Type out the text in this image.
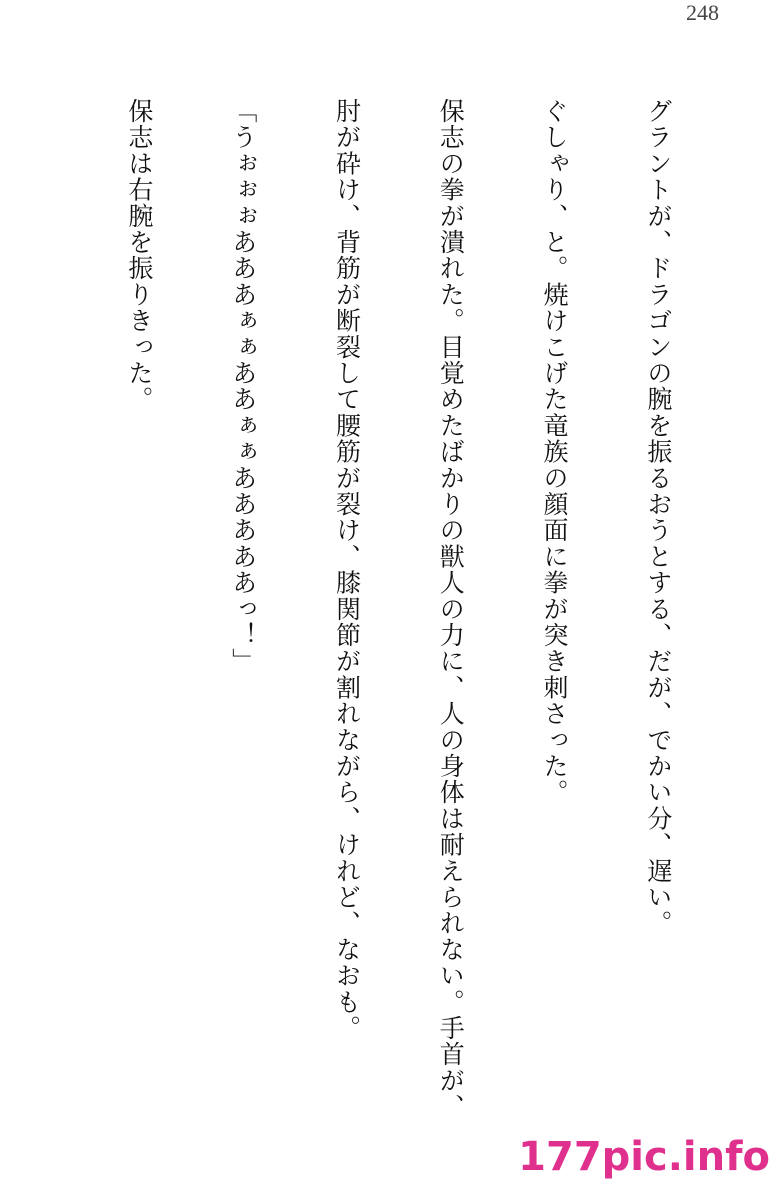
248

グラントが、ドラゴンの腕を振るおうとする、だが、でかい分、遅い。

ぐしゃり、と。焼けこげた竜族の顔面に拳が突き刺さった。

保志の拳が潰れた。目覚めたばかりの獣人の力に、人の身体は耐えられない。手首が、

肘が砕け、背筋が断裂して腰筋が裂け、膝関節が割れながら、けれど、なおも。

「うぉぉぉあああぁぁああぁぁあああああっ！」

保志は右腕を振りきった。

177pic.info
